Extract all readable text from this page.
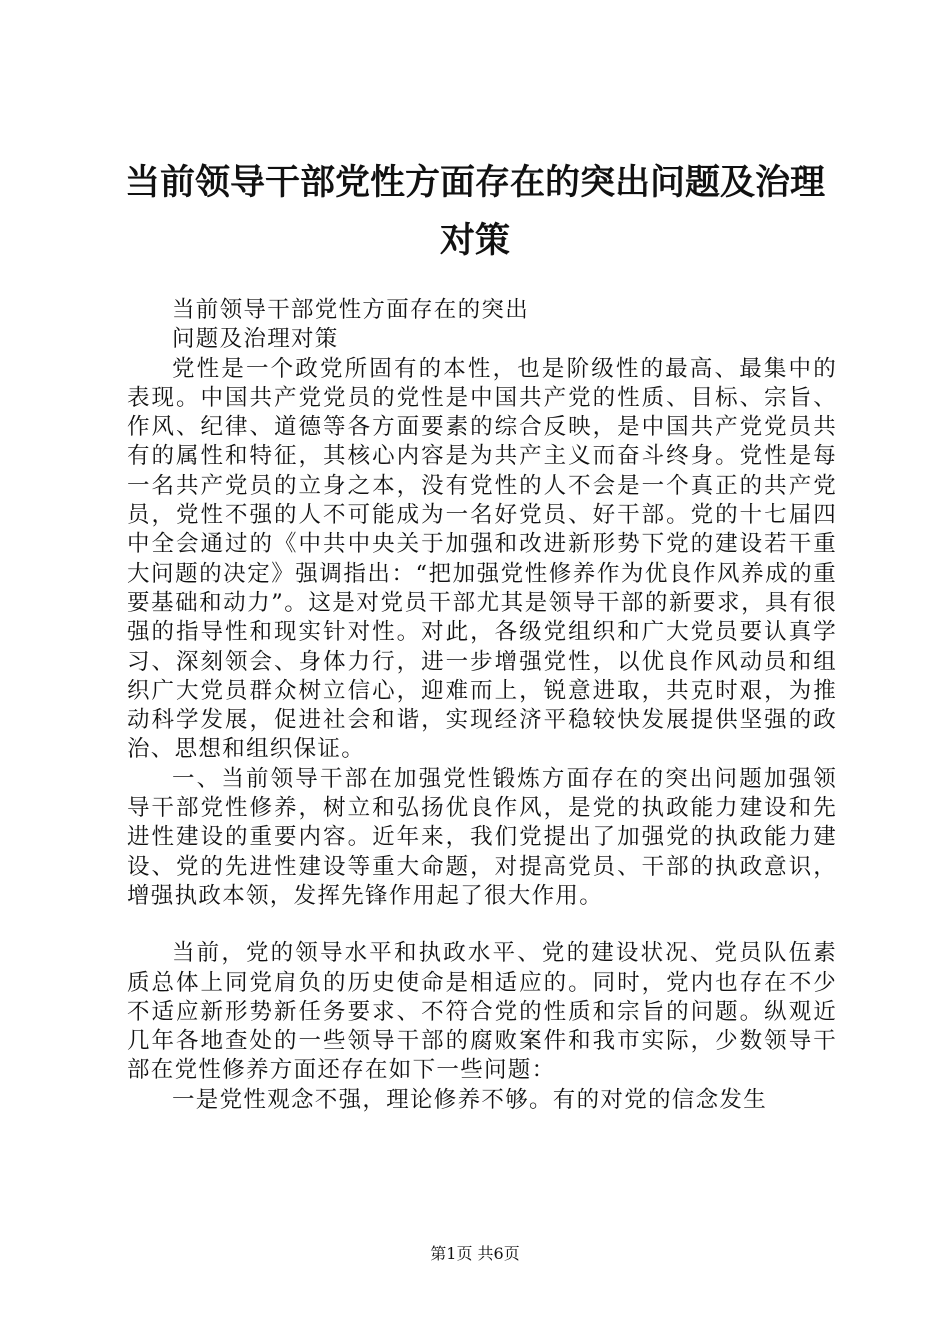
当前领导干部党性方面存在的突出问题及治理
对策

当前领导干部党性方面存在的突出

问题及治理对策

党性是一个政党所固有的本性，也是阶级性的最高、最集中的表现。中国共产党党员的党性是中国共产党的性质、目标、宗旨、作风、纪律、道德等各方面要素的综合反映，是中国共产党党员共有的属性和特征，其核心内容是为共产主义而奋斗终身。党性是每一名共产党员的立身之本，没有党性的人不会是一个真正的共产党员，党性不强的人不可能成为一名好党员、好干部。党的十七届四中全会通过的《中共中央关于加强和改进新形势下党的建设若干重大问题的决定》强调指出：“把加强党性修养作为优良作风养成的重要基础和动力”。这是对党员干部尤其是领导干部的新要求，具有很强的指导性和现实针对性。对此，各级党组织和广大党员要认真学习、深刻领会、身体力行，进一步增强党性，以优良作风动员和组织广大党员群众树立信心，迎难而上，锐意进取，共克时艰，为推动科学发展，促进社会和谐，实现经济平稳较快发展提供坚强的政治、思想和组织保证。

一、当前领导干部在加强党性锻炼方面存在的突出问题加强领导干部党性修养，树立和弘扬优良作风，是党的执政能力建设和先进性建设的重要内容。近年来，我们党提出了加强党的执政能力建设、党的先进性建设等重大命题，对提高党员、干部的执政意识，增强执政本领，发挥先锋作用起了很大作用。

当前，党的领导水平和执政水平、党的建设状况、党员队伍素质总体上同党肩负的历史使命是相适应的。同时，党内也存在不少不适应新形势新任务要求、不符合党的性质和宗旨的问题。纵观近几年各地查处的一些领导干部的腐败案件和我市实际，少数领导干部在党性修养方面还存在如下一些问题：

一是党性观念不强，理论修养不够。有的对党的信念发生

第1页 共6页
